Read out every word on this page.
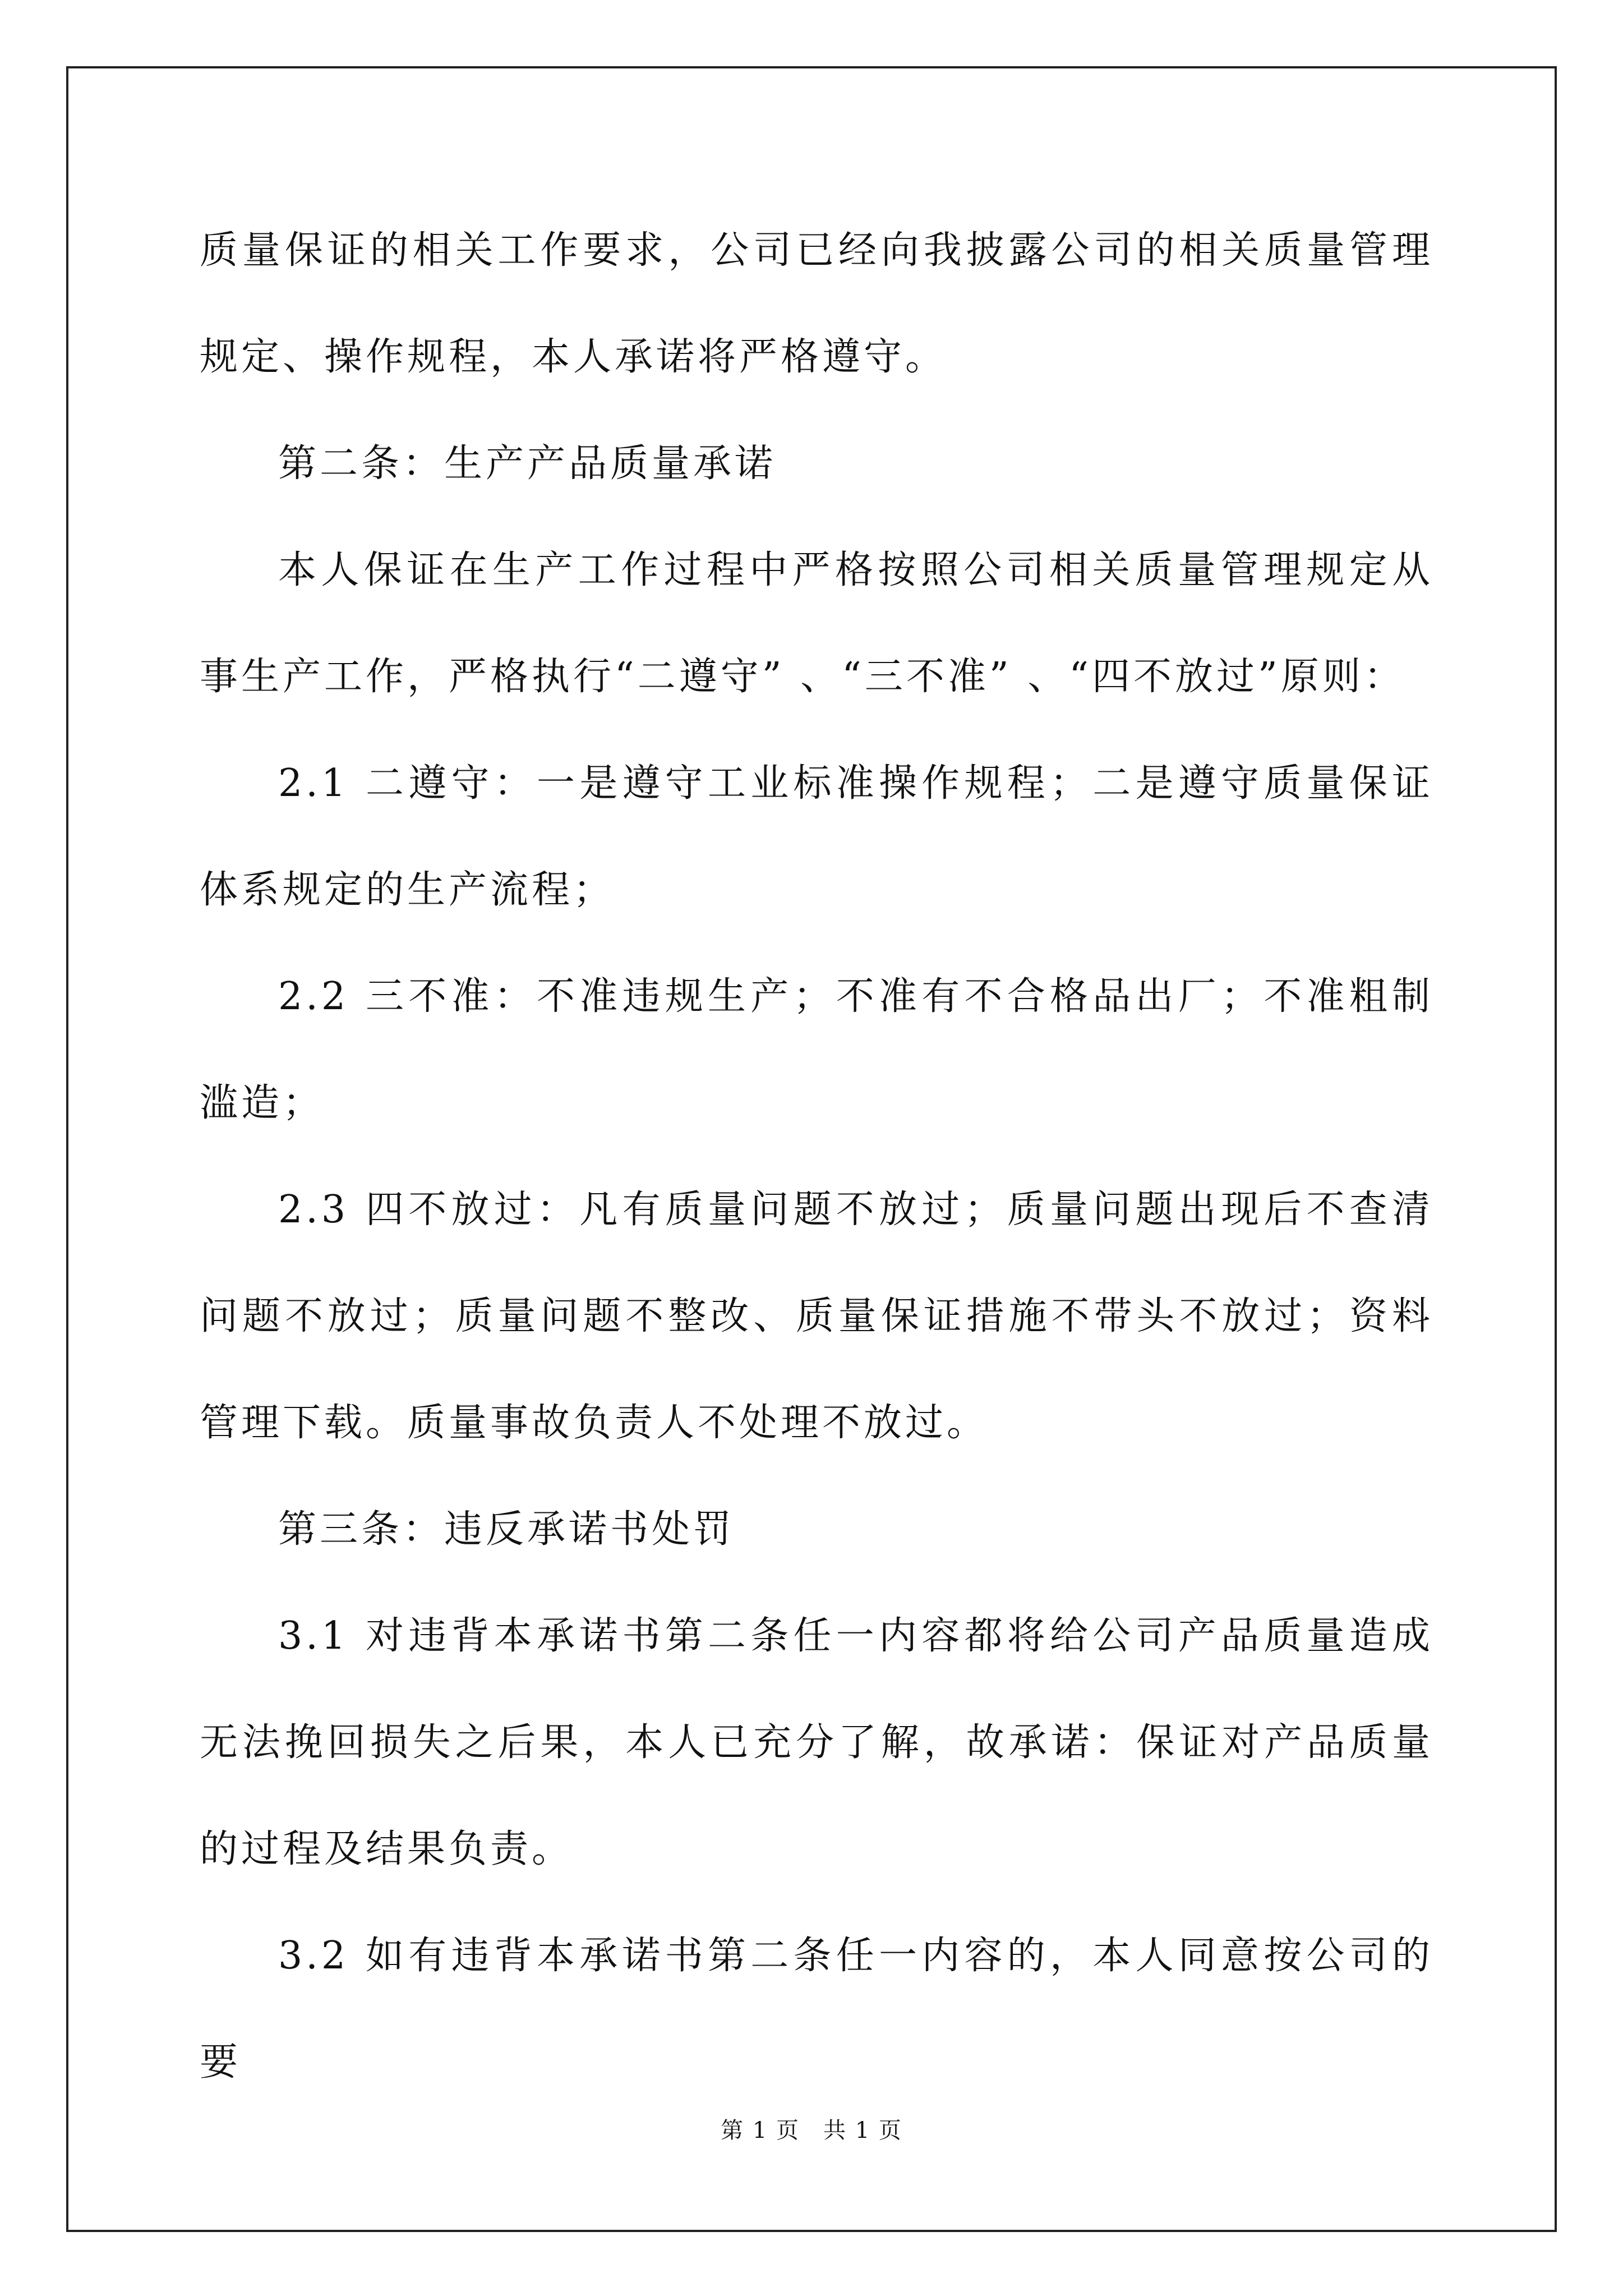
质量保证的相关工作要求，公司已经向我披露公司的相关质量管理规定、操作规程，本人承诺将严格遵守。

第二条：生产产品质量承诺

本人保证在生产工作过程中严格按照公司相关质量管理规定从事生产工作，严格执行“二遵守” 、“三不准” 、“四不放过”原则：

2.1 二遵守：一是遵守工业标准操作规程；二是遵守质量保证体系规定的生产流程；

2.2 三不准：不准违规生产；不准有不合格品出厂；不准粗制滥造；

2.3 四不放过：凡有质量问题不放过；质量问题出现后不查清问题不放过；质量问题不整改、质量保证措施不带头不放过；资料管理下载。质量事故负责人不处理不放过。

第三条：违反承诺书处罚

3.1 对违背本承诺书第二条任一内容都将给公司产品质量造成无法挽回损失之后果，本人已充分了解，故承诺：保证对产品质量的过程及结果负责。

3.2 如有违背本承诺书第二条任一内容的，本人同意按公司的要

第 1 页　共 1 页
